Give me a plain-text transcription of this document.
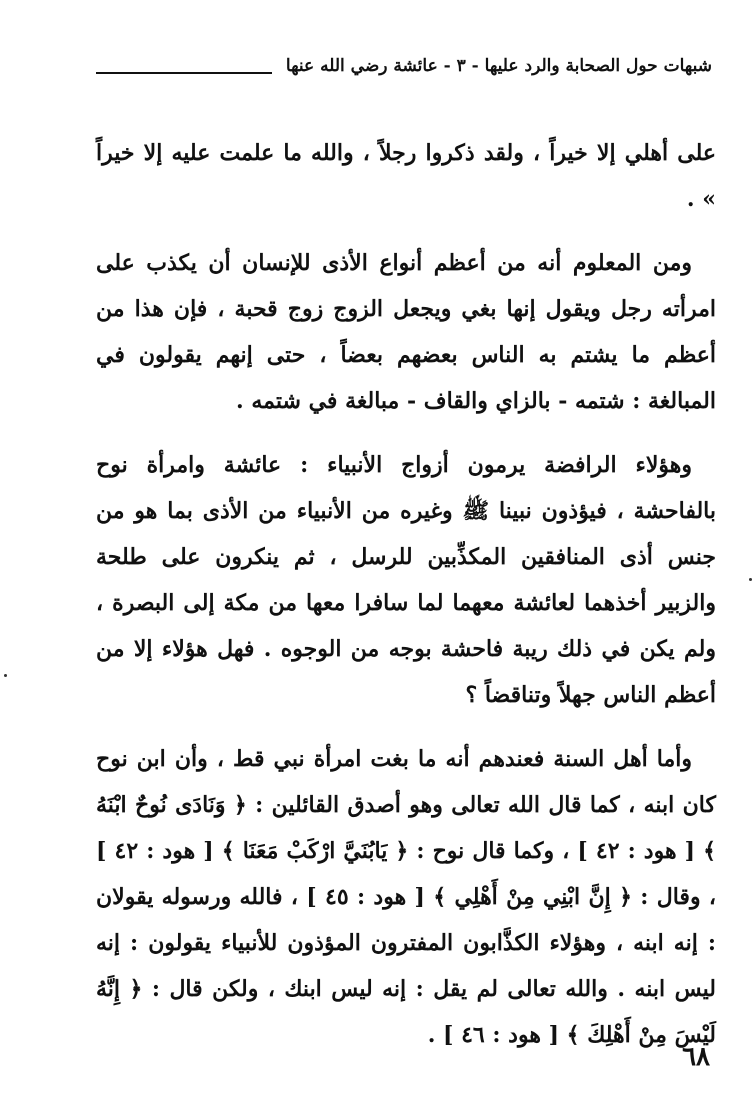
شبهات حول الصحابة والرد عليها - ٣ - عائشة رضي الله عنها

على أهلي إلا خيراً ، ولقد ذكروا رجلاً ، والله ما علمت عليه إلا خيراً » .

ومن المعلوم أنه من أعظم أنواع الأذى للإنسان أن يكذب على امرأته رجل ويقول إنها بغي ويجعل الزوج زوج قحبة ، فإن هذا من أعظم ما يشتم به الناس بعضهم بعضاً ، حتى إنهم يقولون في المبالغة : شتمه - بالزاي والقاف - مبالغة في شتمه .

وهؤلاء الرافضة يرمون أزواج الأنبياء : عائشة وامرأة نوح بالفاحشة ، فيؤذون نبينا ﷺ وغيره من الأنبياء من الأذى بما هو من جنس أذى المنافقين المكذِّبين للرسل ، ثم ينكرون على طلحة والزبير أخذهما لعائشة معهما لما سافرا معها من مكة إلى البصرة ، ولم يكن في ذلك ريبة فاحشة بوجه من الوجوه . فهل هؤلاء إلا من أعظم الناس جهلاً وتناقضاً ؟

وأما أهل السنة فعندهم أنه ما بغت امرأة نبي قط ، وأن ابن نوح كان ابنه ، كما قال الله تعالى وهو أصدق القائلين : ﴿ وَنَادَى نُوحٌ ابْنَهُ ﴾ [ هود : ٤٢ ] ، وكما قال نوح : ﴿ يَابُنَيَّ ارْكَبْ مَعَنَا ﴾ [ هود : ٤٢ ] ، وقال : ﴿ إِنَّ ابْنِي مِنْ أَهْلِي ﴾ [ هود : ٤٥ ] ، فالله ورسوله يقولان : إنه ابنه ، وهؤلاء الكذَّابون المفترون المؤذون للأنبياء يقولون : إنه ليس ابنه . والله تعالى لم يقل : إنه ليس ابنك ، ولكن قال : ﴿ إِنَّهُ لَيْسَ مِنْ أَهْلِكَ ﴾ [ هود : ٤٦ ] .

٦٨
